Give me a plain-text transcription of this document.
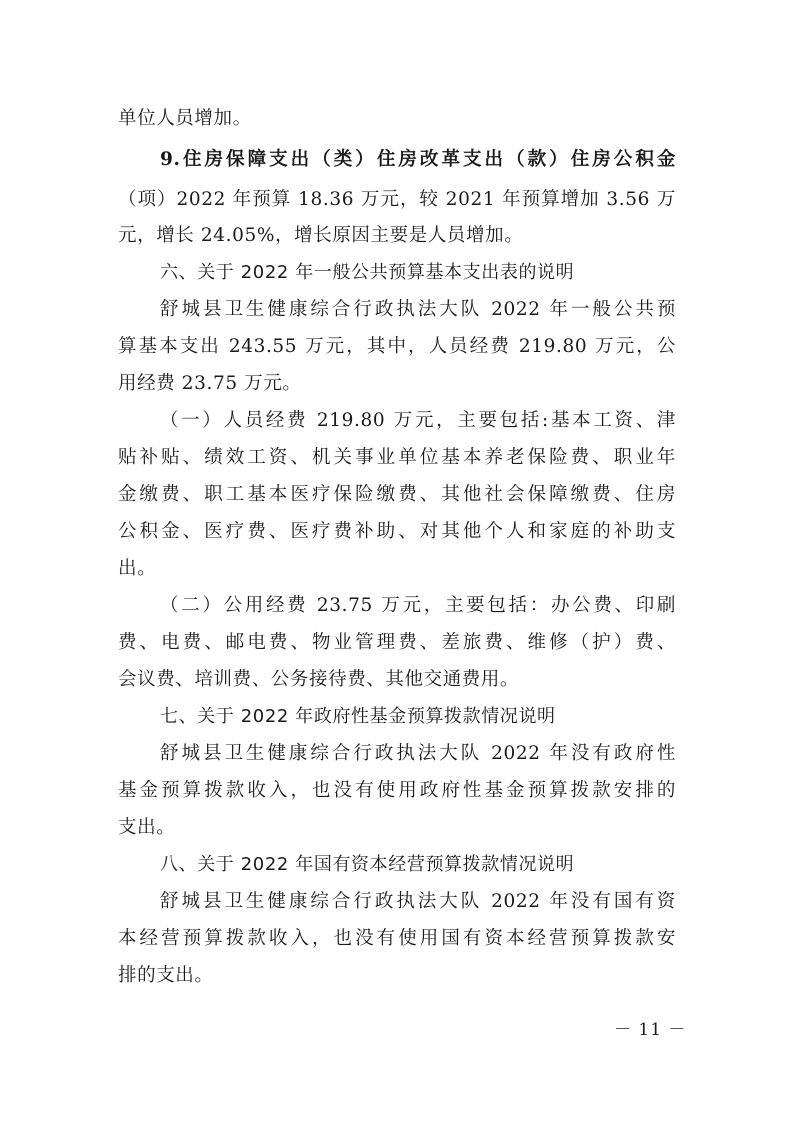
单位人员增加。
9.住房保障支出（类）住房改革支出（款）住房公积金
（项）2022 年预算 18.36 万元，较 2021 年预算增加 3.56 万
元，增长 24.05%，增长原因主要是人员增加。
六、关于 2022 年一般公共预算基本支出表的说明
舒城县卫生健康综合行政执法大队 2022 年一般公共预
算基本支出 243.55 万元，其中，人员经费 219.80 万元，公
用经费 23.75 万元。
（一）人员经费 219.80 万元，主要包括:基本工资、津
贴补贴、绩效工资、机关事业单位基本养老保险费、职业年
金缴费、职工基本医疗保险缴费、其他社会保障缴费、住房
公积金、医疗费、医疗费补助、对其他个人和家庭的补助支
出。
（二）公用经费 23.75 万元，主要包括：办公费、印刷
费、电费、邮电费、物业管理费、差旅费、维修（护）费、
会议费、培训费、公务接待费、其他交通费用。
七、关于 2022 年政府性基金预算拨款情况说明
舒城县卫生健康综合行政执法大队 2022 年没有政府性
基金预算拨款收入，也没有使用政府性基金预算拨款安排的
支出。
八、关于 2022 年国有资本经营预算拨款情况说明
舒城县卫生健康综合行政执法大队 2022 年没有国有资
本经营预算拨款收入，也没有使用国有资本经营预算拨款安
排的支出。
－ 11 －
